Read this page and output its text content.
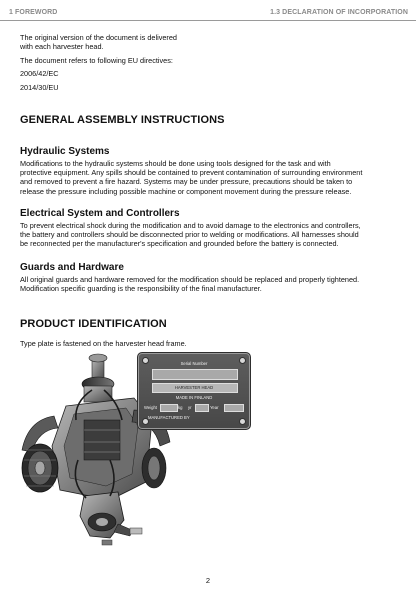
1 FOREWORD	1.3 DECLARATION OF INCORPORATION

The original version of the document is delivered
with each harvester head.

The document refers to following EU directives:

2006/42/EC

2014/30/EU

GENERAL ASSEMBLY INSTRUCTIONS
Hydraulic Systems

Modifications to the hydraulic systems should be done using tools designed for the task and with
protective equipment. Any spills should be contained to prevent contamination of surrounding environment
and removed to prevent a fire hazard. Systems may be under pressure, precautions should be taken to
release the pressure including possible machine or component movement during the pressure release.

Electrical System and Controllers

To prevent electrical shock during the modification and to avoid damage to the electronics and controllers,
the battery and controllers should be disconnected prior to welding or modifications. All harnesses should
be reconnected per the manufacturer's specification and grounded before the battery is connected.

Guards and Hardware

All original guards and hardware removed for the modification should be replaced and properly tightened.
Modification specific guarding is the responsibility of the final manufacturer.

PRODUCT IDENTIFICATION

Type plate is fastened on the harvester head frame.

Serial Number
HARVESTER HEAD
MADE IN FINLAND
Weight	kg yr	Year
MANUFACTURED BY
2
